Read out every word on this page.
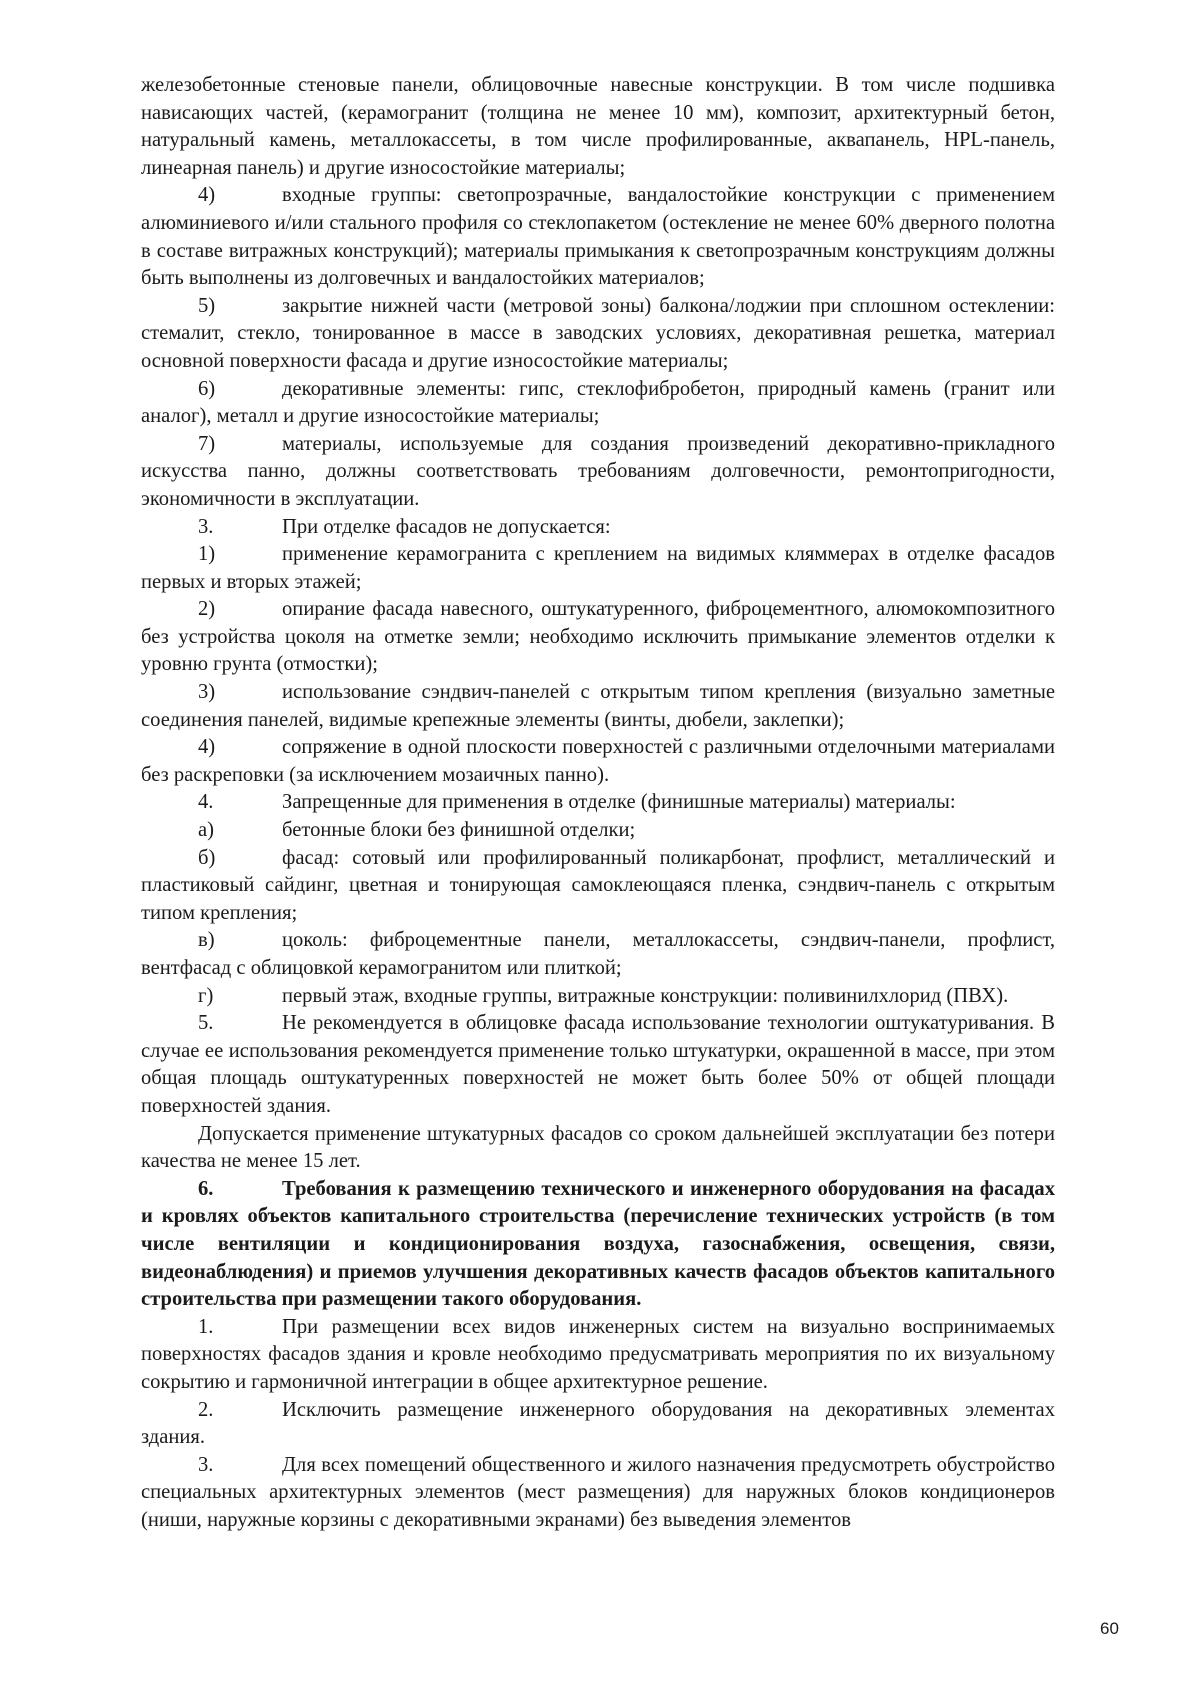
железобетонные стеновые панели, облицовочные навесные конструкции. В том числе подшивка нависающих частей, (керамогранит (толщина не менее 10 мм), композит, архитектурный бетон, натуральный камень, металлокассеты, в том числе профилированные, аквапанель, HPL-панель, линеарная панель) и другие износостойкие материалы;

4)	входные группы: светопрозрачные, вандалостойкие конструкции с применением алюминиевого и/или стального профиля со стеклопакетом (остекление не менее 60% дверного полотна в составе витражных конструкций); материалы примыкания к светопрозрачным конструкциям должны быть выполнены из долговечных и вандалостойких материалов;

5)	закрытие нижней части (метровой зоны) балкона/лоджии при сплошном остеклении: стемалит, стекло, тонированное в массе в заводских условиях, декоративная решетка, материал основной поверхности фасада и другие износостойкие материалы;

6)	декоративные элементы: гипс, стеклофибробетон, природный камень (гранит или аналог), металл и другие износостойкие материалы;

7)	материалы, используемые для создания произведений декоративно-прикладного искусства панно, должны соответствовать требованиям долговечности, ремонтопригодности, экономичности в эксплуатации.

3.	При отделке фасадов не допускается:

1)	применение керамогранита с креплением на видимых кляммерах в отделке фасадов первых и вторых этажей;

2)	опирание фасада навесного, оштукатуренного, фиброцементного, алюмокомпозитного без устройства цоколя на отметке земли; необходимо исключить примыкание элементов отделки к уровню грунта (отмостки);

3)	использование сэндвич-панелей с открытым типом крепления (визуально заметные соединения панелей, видимые крепежные элементы (винты, дюбели, заклепки);

4)	сопряжение в одной плоскости поверхностей с различными отделочными материалами без раскреповки (за исключением мозаичных панно).

4.	Запрещенные для применения в отделке (финишные материалы) материалы:

а)	бетонные блоки без финишной отделки;

б)	фасад: сотовый или профилированный поликарбонат, профлист, металлический и пластиковый сайдинг, цветная и тонирующая самоклеющаяся пленка, сэндвич-панель с открытым типом крепления;

в)	цоколь: фиброцементные панели, металлокассеты, сэндвич-панели, профлист, вентфасад с облицовкой керамогранитом или плиткой;

г)	первый этаж, входные группы, витражные конструкции: поливинилхлорид (ПВХ).

5.	Не рекомендуется в облицовке фасада использование технологии оштукатуривания. В случае ее использования рекомендуется применение только штукатурки, окрашенной в массе, при этом общая площадь оштукатуренных поверхностей не может быть более 50% от общей площади поверхностей здания.

Допускается применение штукатурных фасадов со сроком дальнейшей эксплуатации без потери качества не менее 15 лет.

6.	Требования к размещению технического и инженерного оборудования на фасадах и кровлях объектов капитального строительства (перечисление технических устройств (в том числе вентиляции и кондиционирования воздуха, газоснабжения, освещения, связи, видеонаблюдения) и приемов улучшения декоративных качеств фасадов объектов капитального строительства при размещении такого оборудования.

1.	При размещении всех видов инженерных систем на визуально воспринимаемых поверхностях фасадов здания и кровле необходимо предусматривать мероприятия по их визуальному сокрытию и гармоничной интеграции в общее архитектурное решение.

2.	Исключить размещение инженерного оборудования на декоративных элементах здания.

3.	Для всех помещений общественного и жилого назначения предусмотреть обустройство специальных архитектурных элементов (мест размещения) для наружных блоков кондиционеров (ниши, наружные корзины с декоративными экранами) без выведения элементов

60
